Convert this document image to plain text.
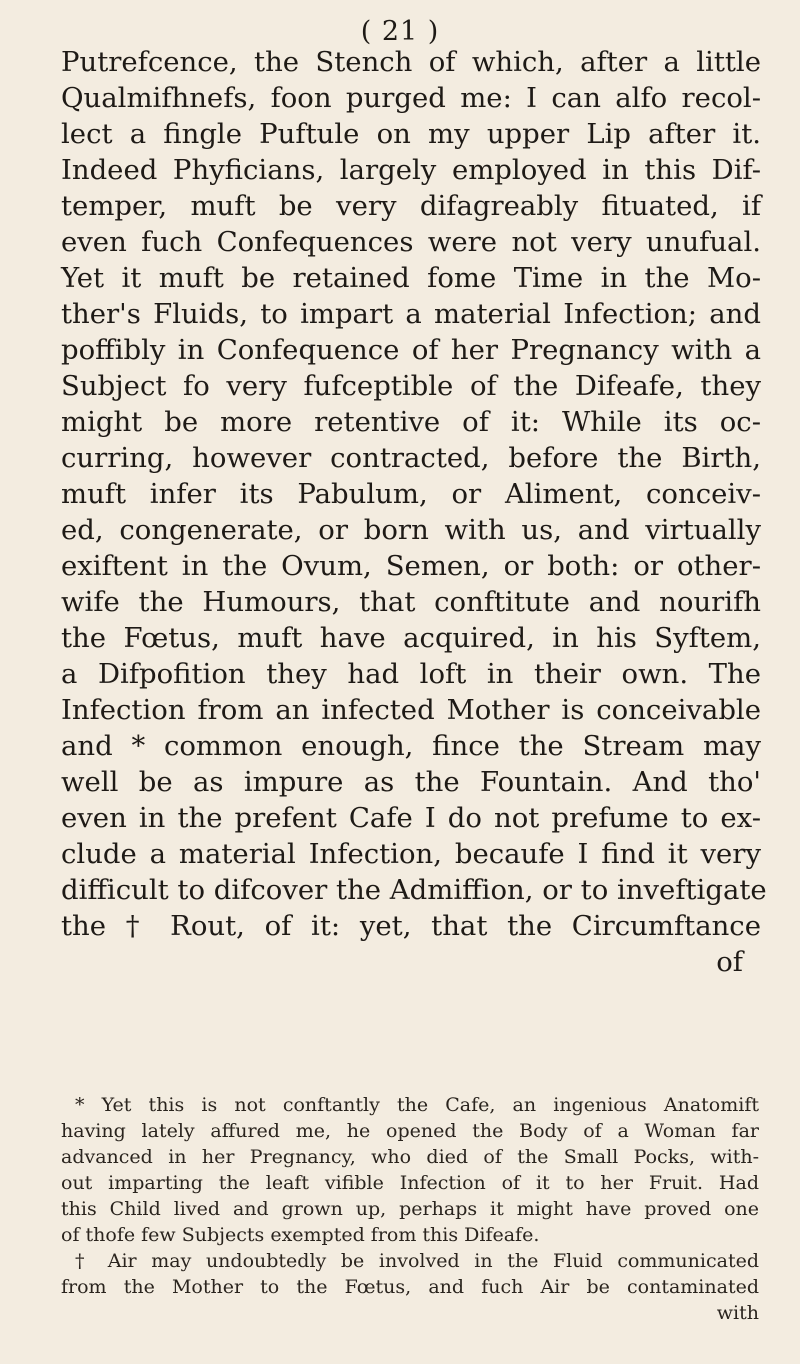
( 21 )
Putrefcence, the Stench of which, after a little
Qualmifhnefs, foon purged me: I can alfo recol-
lect a fingle Puftule on my upper Lip after it.
Indeed Phyficians, largely employed in this Dif-
temper, muft be very difagreably fituated, if
even fuch Confequences were not very unufual.
Yet it muft be retained fome Time in the Mo-
ther's Fluids, to impart a material Infection; and
poffibly in Confequence of her Pregnancy with a
Subject fo very fufceptible of the Difeafe, they
might be more retentive of it: While its oc-
curring, however contracted, before the Birth,
muft infer its Pabulum, or Aliment, conceiv-
ed, congenerate, or born with us, and virtually
exiftent in the Ovum, Semen, or both: or other-
wife the Humours, that conftitute and nourifh
the Fœtus, muft have acquired, in his Syftem,
a Difpofition they had loft in their own. The
Infection from an infected Mother is conceivable
and * common enough, fince the Stream may
well be as impure as the Fountain. And tho'
even in the prefent Cafe I do not prefume to ex-
clude a material Infection, becaufe I find it very
difficult to difcover the Admiffion, or to inveftigate
the † Rout, of it: yet, that the Circumftance
of
* Yet this is not conftantly the Cafe, an ingenious Anatomift
having lately affured me, he opened the Body of a Woman far
advanced in her Pregnancy, who died of the Small Pocks, with-
out imparting the leaft vifible Infection of it to her Fruit. Had
this Child lived and grown up, perhaps it might have proved one
of thofe few Subjects exempted from this Difeafe.
† Air may undoubtedly be involved in the Fluid communicated
from the Mother to the Fœtus, and fuch Air be contaminated
with
